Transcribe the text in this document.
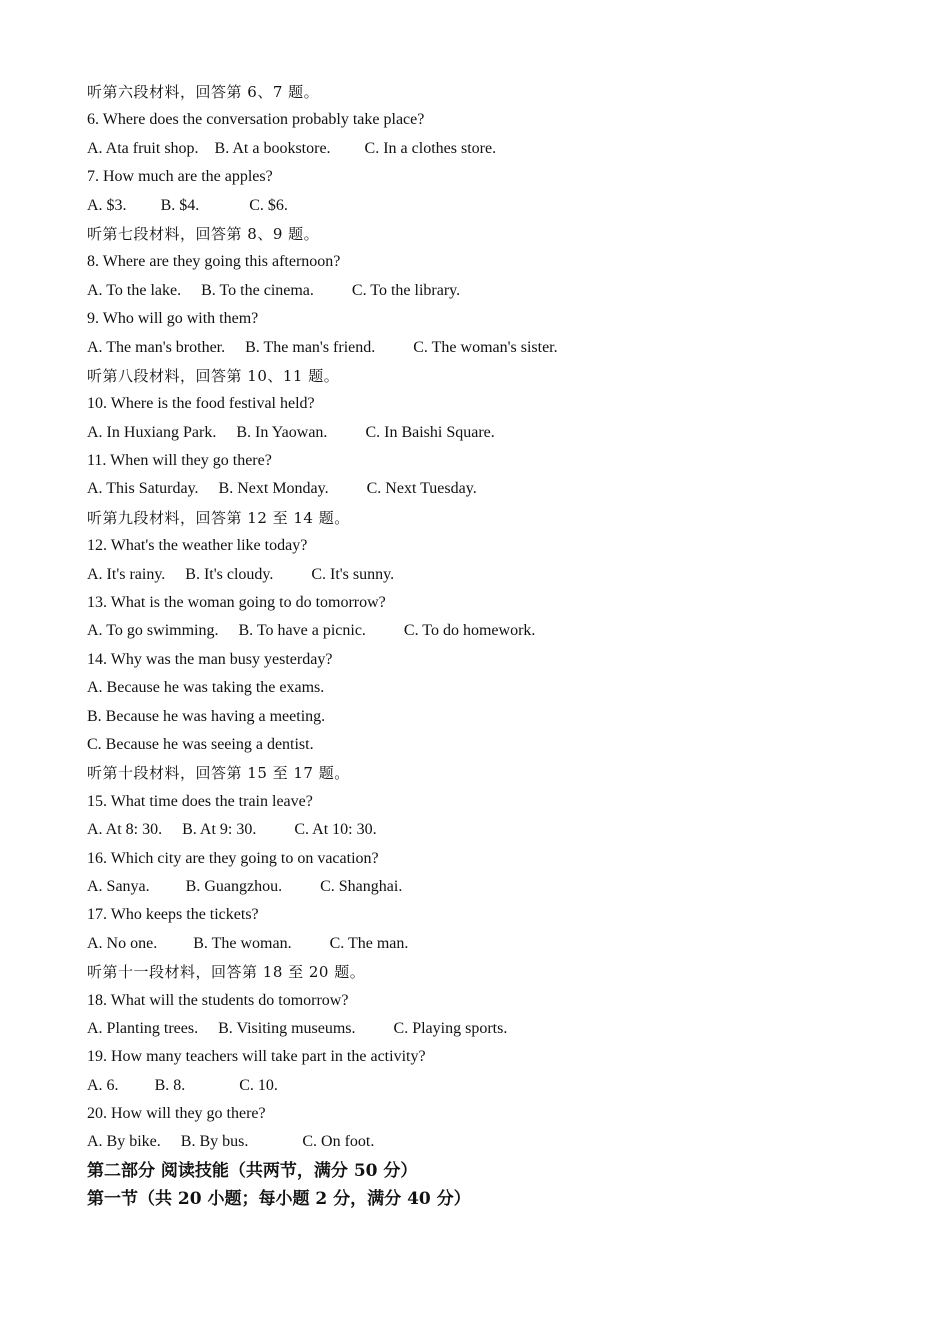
听第六段材料，回答第 6、7 题。
6. Where does the conversation probably take place?
A. Ata fruit shop. B. At a bookstore. C. In a clothes store.
7. How much are the apples?
A. $3. B. $4.	C. $6.
听第七段材料，回答第 8、9 题。
8. Where are they going this afternoon?
A. To the lake. B. To the cinema. C. To the library.
9. Who will go with them?
A. The man's brother. B. The man's friend. C. The woman's sister.
听第八段材料，回答第 10、11 题。
10. Where is the food festival held?
A. In Huxiang Park. B. In Yaowan. C. In Baishi Square.
11. When will they go there?
A. This Saturday. B. Next Monday. C. Next Tuesday.
听第九段材料，回答第 12 至 14 题。
12. What's the weather like today?
A. It's rainy. B. It's cloudy. C. It's sunny.
13. What is the woman going to do tomorrow?
A. To go swimming. B. To have a picnic. C. To do homework.
14. Why was the man busy yesterday?
A. Because he was taking the exams.
B. Because he was having a meeting.
C. Because he was seeing a dentist.
听第十段材料，回答第 15 至 17 题。
15. What time does the train leave?
A. At 8: 30. B. At 9: 30. C. At 10: 30.
16. Which city are they going to on vacation?
A. Sanya. B. Guangzhou. C. Shanghai.
17. Who keeps the tickets?
A. No one. B. The woman. C. The man.
听第十一段材料，回答第 18 至 20 题。
18. What will the students do tomorrow?
A. Planting trees. B. Visiting museums. C. Playing sports.
19. How many teachers will take part in the activity?
A. 6. B. 8.	C. 10.
20. How will they go there?
A. By bike. B. By bus.	C. On foot.
第二部分 阅读技能（共两节，满分 50 分）
第一节（共 20 小题；每小题 2 分，满分 40 分）
